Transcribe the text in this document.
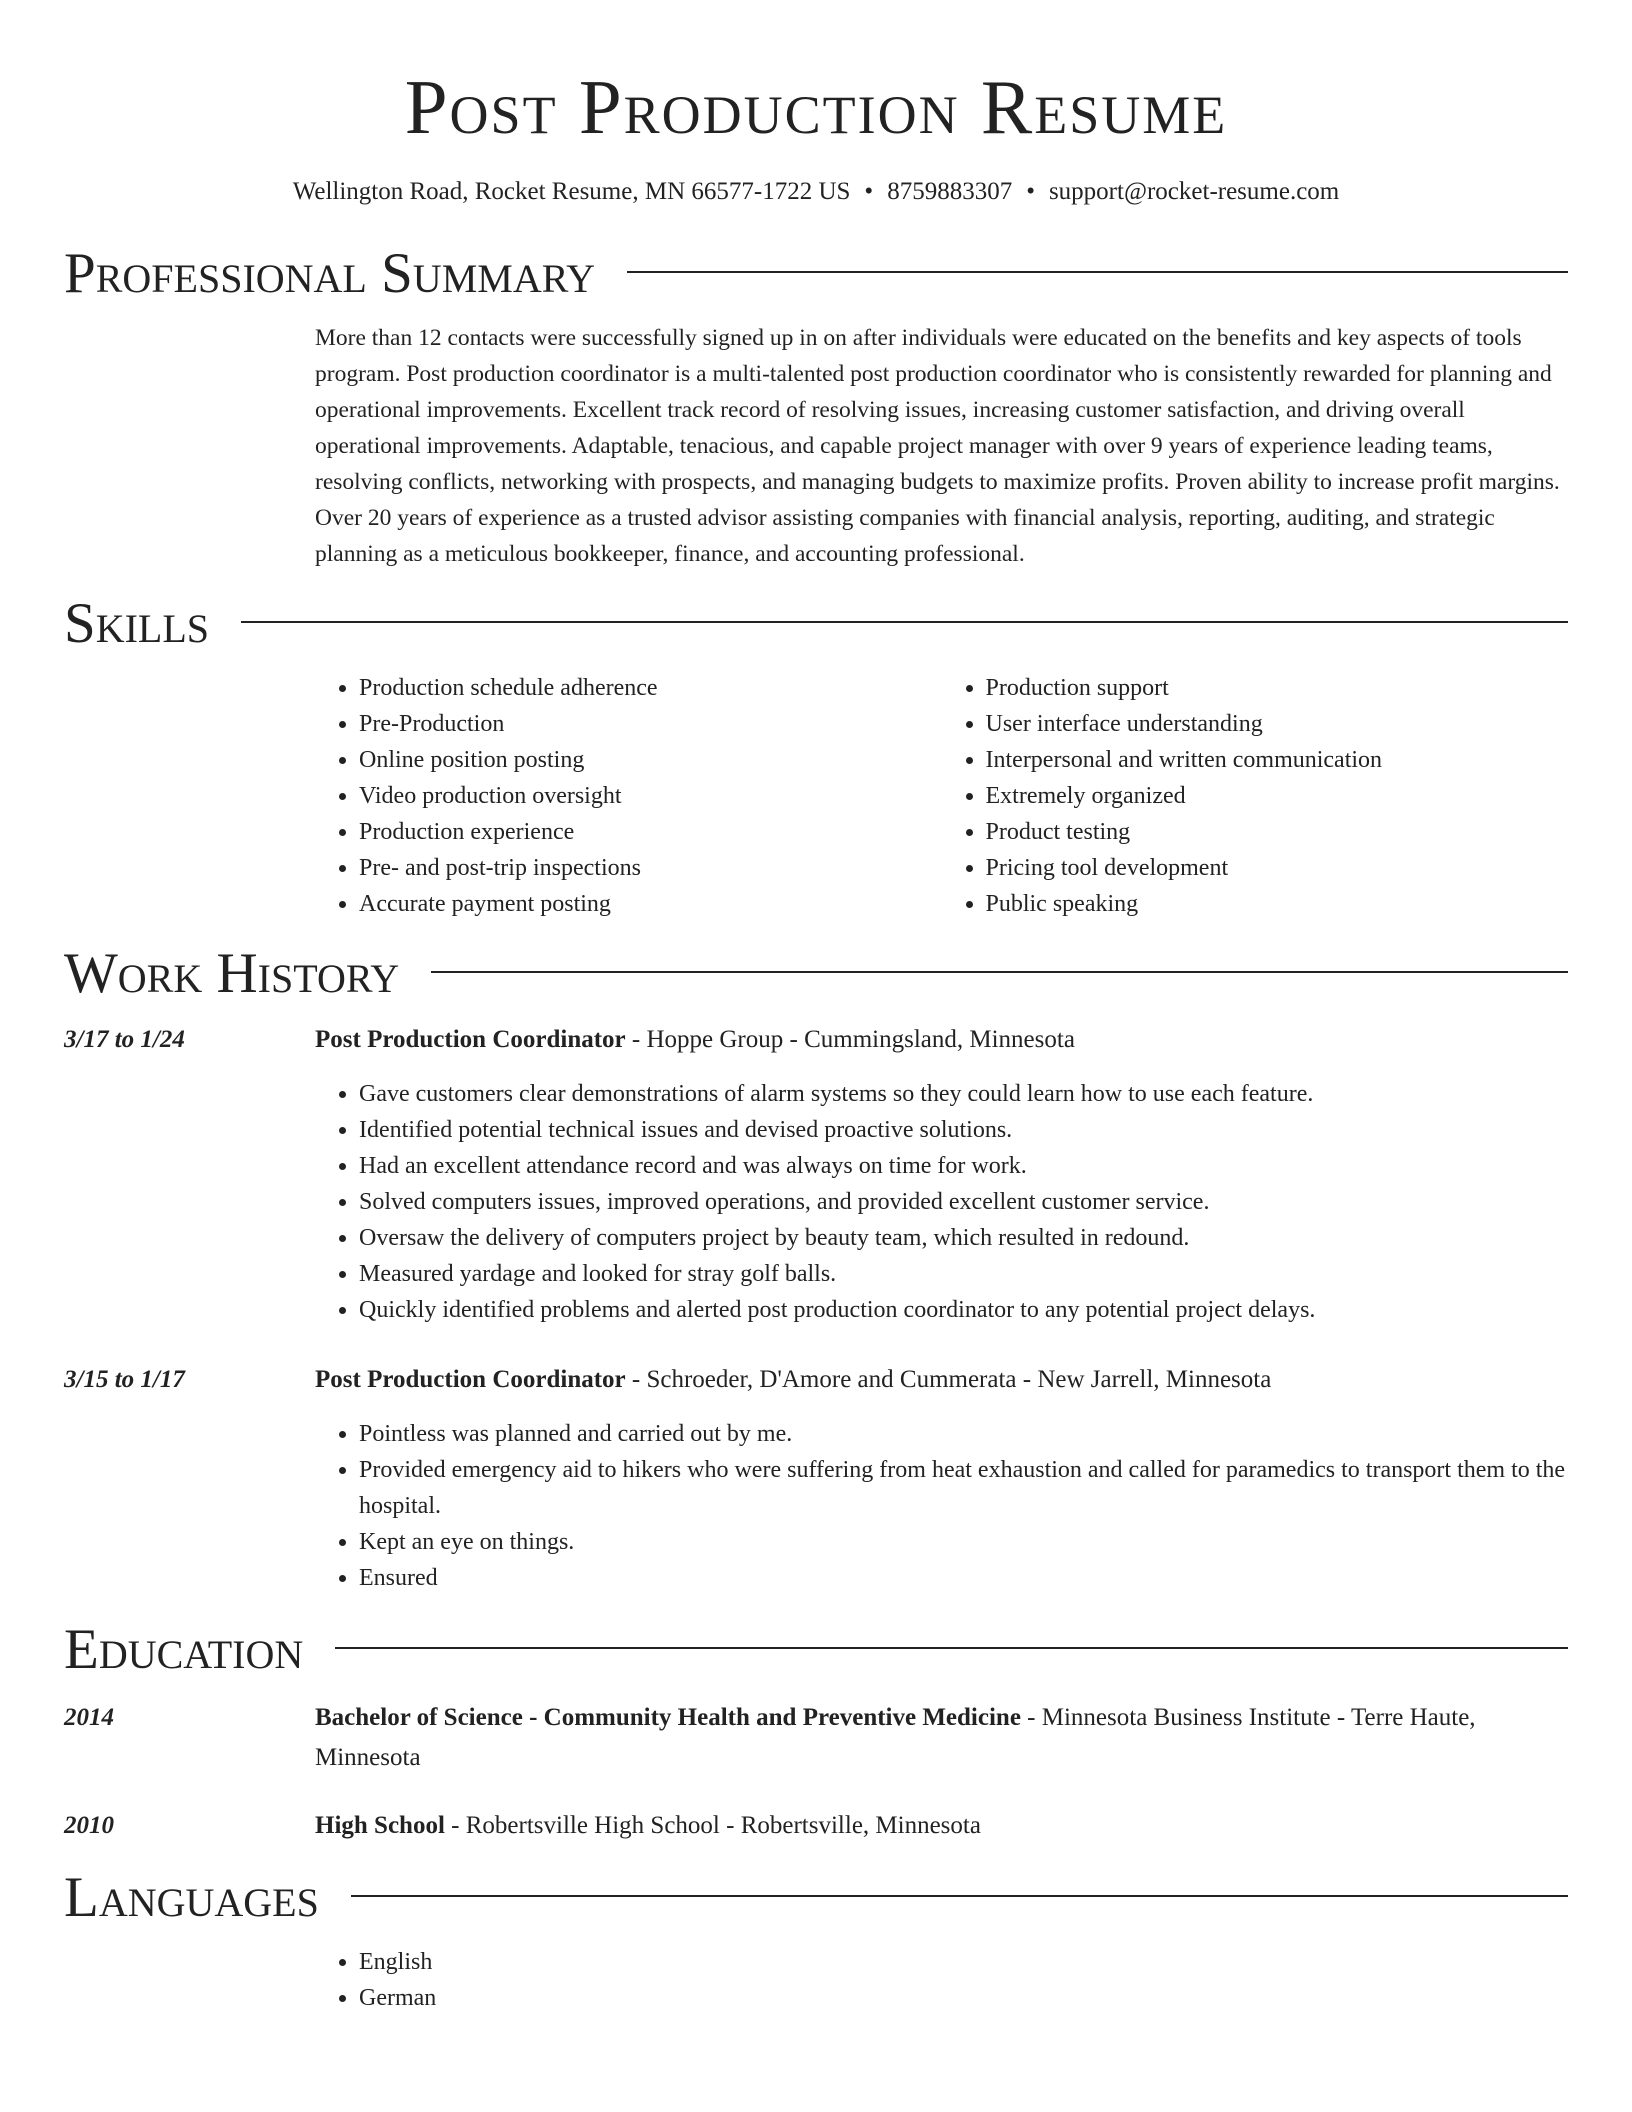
Post Production Resume
Wellington Road, Rocket Resume, MN 66577-1722 US • 8759883307 • support@rocket-resume.com
Professional Summary
More than 12 contacts were successfully signed up in on after individuals were educated on the benefits and key aspects of tools program. Post production coordinator is a multi-talented post production coordinator who is consistently rewarded for planning and operational improvements. Excellent track record of resolving issues, increasing customer satisfaction, and driving overall operational improvements. Adaptable, tenacious, and capable project manager with over 9 years of experience leading teams, resolving conflicts, networking with prospects, and managing budgets to maximize profits. Proven ability to increase profit margins. Over 20 years of experience as a trusted advisor assisting companies with financial analysis, reporting, auditing, and strategic planning as a meticulous bookkeeper, finance, and accounting professional.
Skills
• Production schedule adherence
• Pre-Production
• Online position posting
• Video production oversight
• Production experience
• Pre- and post-trip inspections
• Accurate payment posting
• Production support
• User interface understanding
• Interpersonal and written communication
• Extremely organized
• Product testing
• Pricing tool development
• Public speaking
Work History
3/17 to 1/24	Post Production Coordinator - Hoppe Group - Cummingsland, Minnesota
• Gave customers clear demonstrations of alarm systems so they could learn how to use each feature.
• Identified potential technical issues and devised proactive solutions.
• Had an excellent attendance record and was always on time for work.
• Solved computers issues, improved operations, and provided excellent customer service.
• Oversaw the delivery of computers project by beauty team, which resulted in redound.
• Measured yardage and looked for stray golf balls.
• Quickly identified problems and alerted post production coordinator to any potential project delays.
3/15 to 1/17	Post Production Coordinator - Schroeder, D'Amore and Cummerata - New Jarrell, Minnesota
• Pointless was planned and carried out by me.
• Provided emergency aid to hikers who were suffering from heat exhaustion and called for paramedics to transport them to the hospital.
• Kept an eye on things.
• Ensured
Education
2014	Bachelor of Science - Community Health and Preventive Medicine - Minnesota Business Institute - Terre Haute, Minnesota
2010	High School - Robertsville High School - Robertsville, Minnesota
Languages
• English
• German
